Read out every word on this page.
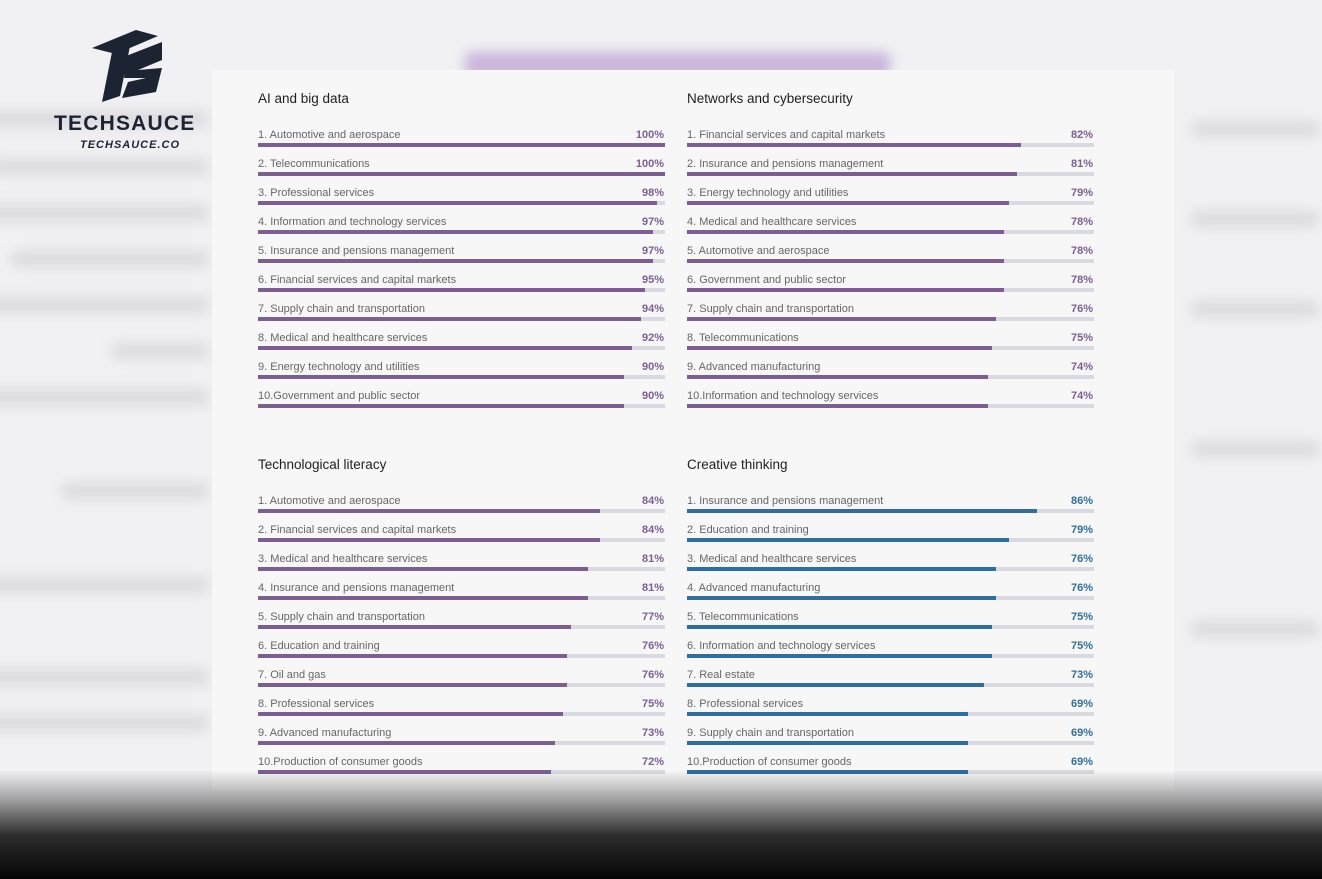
TECHSAUCE
TECHSAUCE.CO
AI and big data
1. Automotive and aerospace	100%
2. Telecommunications	100%
3. Professional services	98%
4. Information and technology services	97%
5. Insurance and pensions management	97%
6. Financial services and capital markets	95%
7. Supply chain and transportation	94%
8. Medical and healthcare services	92%
9. Energy technology and utilities	90%
10.Government and public sector	90%
Networks and cybersecurity
1. Financial services and capital markets	82%
2. Insurance and pensions management	81%
3. Energy technology and utilities	79%
4. Medical and healthcare services	78%
5. Automotive and aerospace	78%
6. Government and public sector	78%
7. Supply chain and transportation	76%
8. Telecommunications	75%
9. Advanced manufacturing	74%
10.Information and technology services	74%
Technological literacy
1. Automotive and aerospace	84%
2. Financial services and capital markets	84%
3. Medical and healthcare services	81%
4. Insurance and pensions management	81%
5. Supply chain and transportation	77%
6. Education and training	76%
7. Oil and gas	76%
8. Professional services	75%
9. Advanced manufacturing	73%
10.Production of consumer goods	72%
Creative thinking
1. Insurance and pensions management	86%
2. Education and training	79%
3. Medical and healthcare services	76%
4. Advanced manufacturing	76%
5. Telecommunications	75%
6. Information and technology services	75%
7. Real estate	73%
8. Professional services	69%
9. Supply chain and transportation	69%
10.Production of consumer goods	69%
